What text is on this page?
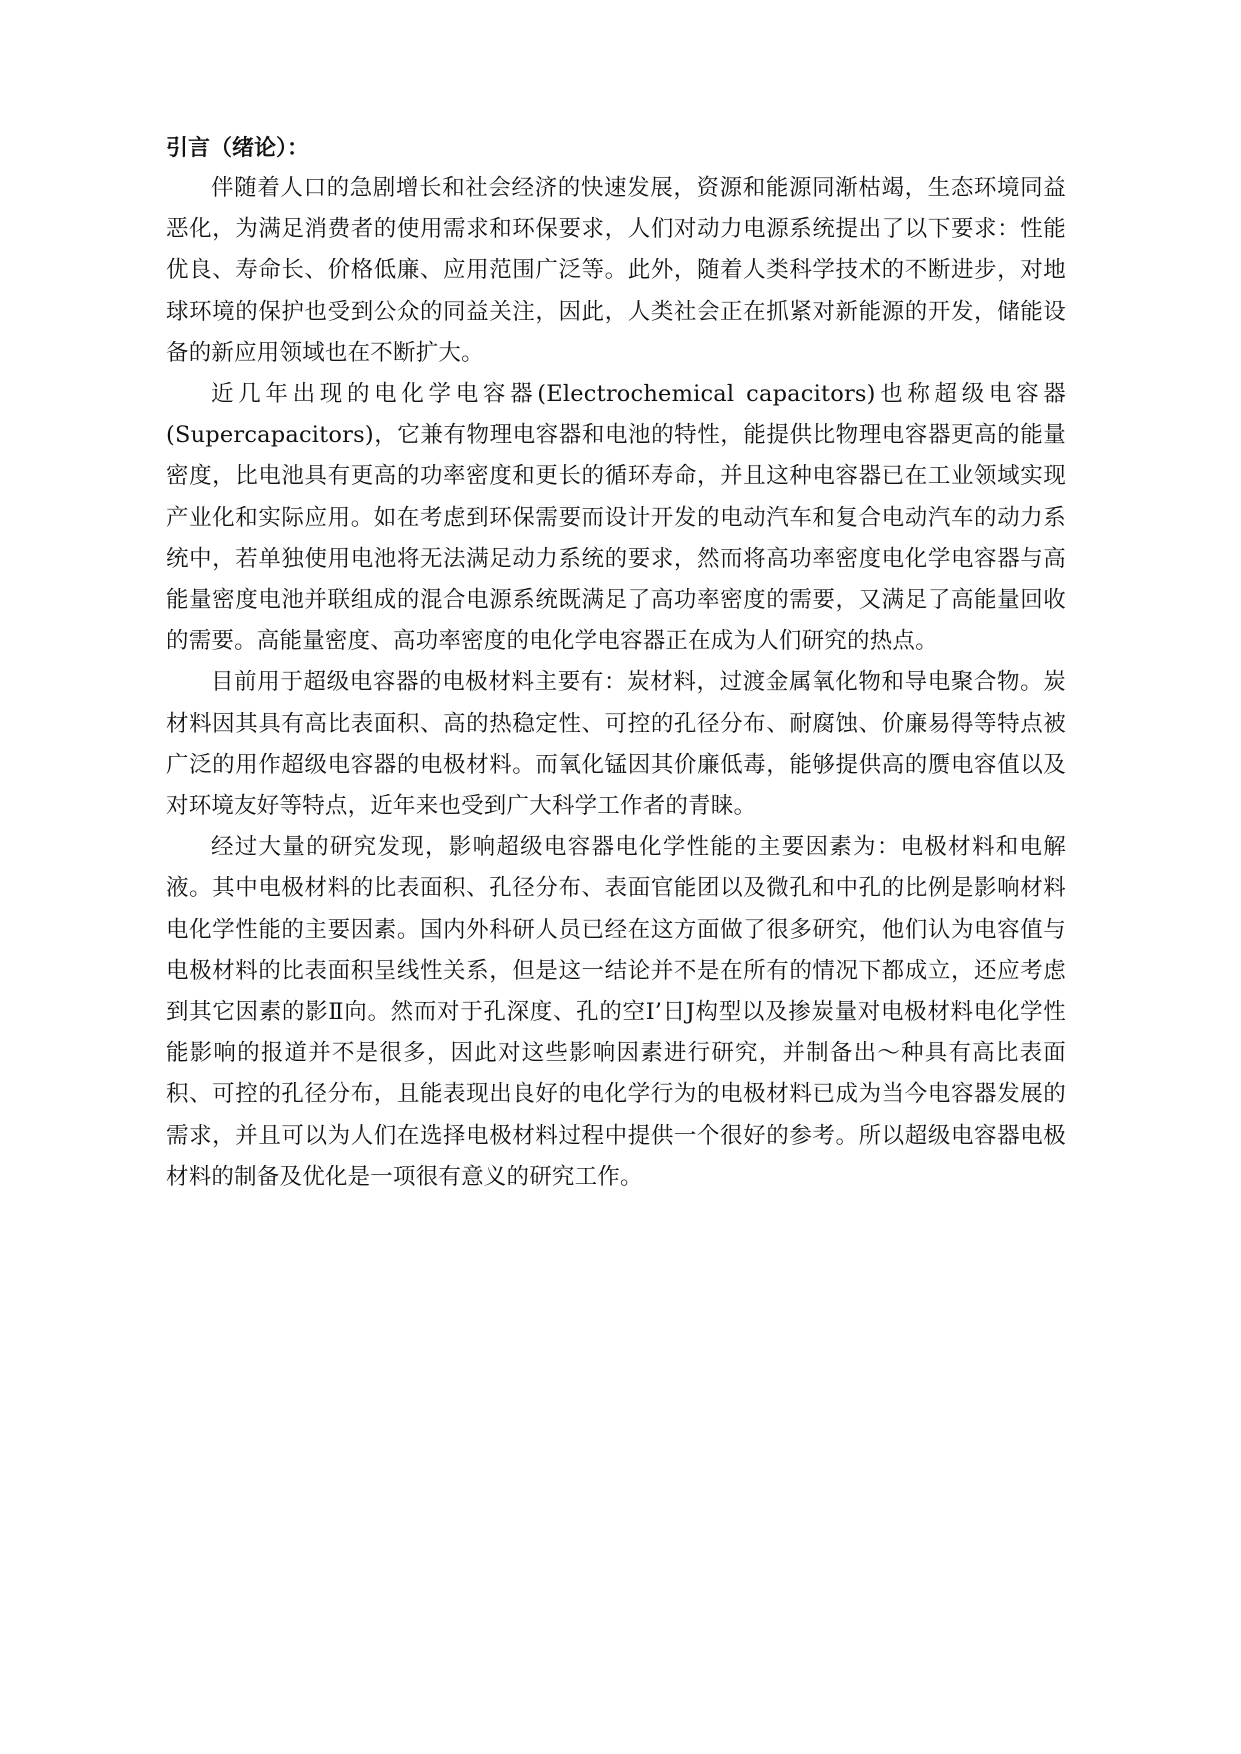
引言（绪论）：

伴随着人口的急剧增长和社会经济的快速发展，资源和能源同渐枯竭，生态环境同益恶化，为满足消费者的使用需求和环保要求，人们对动力电源系统提出了以下要求：性能优良、寿命长、价格低廉、应用范围广泛等。此外，随着人类科学技术的不断进步，对地球环境的保护也受到公众的同益关注，因此，人类社会正在抓紧对新能源的开发，储能设备的新应用领域也在不断扩大。

近几年出现的电化学电容器(Electrochemical capacitors)也称超级电容器(Supercapacitors)，它兼有物理电容器和电池的特性，能提供比物理电容器更高的能量密度，比电池具有更高的功率密度和更长的循环寿命，并且这种电容器已在工业领域实现产业化和实际应用。如在考虑到环保需要而设计开发的电动汽车和复合电动汽车的动力系统中，若单独使用电池将无法满足动力系统的要求，然而将高功率密度电化学电容器与高能量密度电池并联组成的混合电源系统既满足了高功率密度的需要，又满足了高能量回收的需要。高能量密度、高功率密度的电化学电容器正在成为人们研究的热点。

目前用于超级电容器的电极材料主要有：炭材料，过渡金属氧化物和导电聚合物。炭材料因其具有高比表面积、高的热稳定性、可控的孔径分布、耐腐蚀、价廉易得等特点被广泛的用作超级电容器的电极材料。而氧化锰因其价廉低毒，能够提供高的赝电容值以及对环境友好等特点，近年来也受到广大科学工作者的青睐。

经过大量的研究发现，影响超级电容器电化学性能的主要因素为：电极材料和电解液。其中电极材料的比表面积、孔径分布、表面官能团以及微孔和中孔的比例是影响材料电化学性能的主要因素。国内外科研人员已经在这方面做了很多研究，他们认为电容值与电极材料的比表面积呈线性关系，但是这一结论并不是在所有的情况下都成立，还应考虑到其它因素的影Ⅱ向。然而对于孔深度、孔的空I’日J构型以及掺炭量对电极材料电化学性能影响的报道并不是很多，因此对这些影响因素进行研究，并制备出～种具有高比表面积、可控的孔径分布，且能表现出良好的电化学行为的电极材料已成为当今电容器发展的需求，并且可以为人们在选择电极材料过程中提供一个很好的参考。所以超级电容器电极材料的制备及优化是一项很有意义的研究工作。
